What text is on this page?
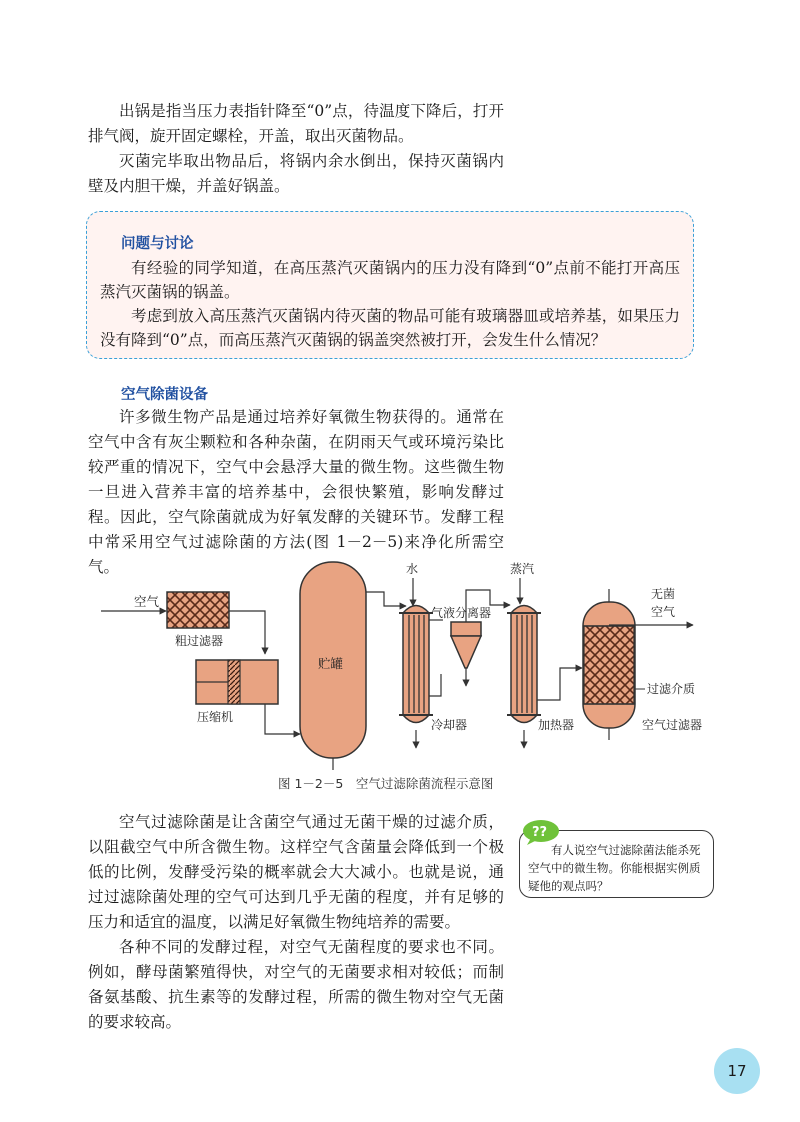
出锅是指当压力表指针降至“0”点，待温度下降后，打开排气阀，旋开固定螺栓，开盖，取出灭菌物品。

灭菌完毕取出物品后，将锅内余水倒出，保持灭菌锅内壁及内胆干燥，并盖好锅盖。

问题与讨论

有经验的同学知道，在高压蒸汽灭菌锅内的压力没有降到“0”点前不能打开高压蒸汽灭菌锅的锅盖。

考虑到放入高压蒸汽灭菌锅内待灭菌的物品可能有玻璃器皿或培养基，如果压力没有降到“0”点，而高压蒸汽灭菌锅的锅盖突然被打开，会发生什么情况？

空气除菌设备

许多微生物产品是通过培养好氧微生物获得的。通常在空气中含有灰尘颗粒和各种杂菌，在阴雨天气或环境污染比较严重的情况下，空气中会悬浮大量的微生物。这些微生物一旦进入营养丰富的培养基中，会很快繁殖，影响发酵过程。因此，空气除菌就成为好氧发酵的关键环节。发酵工程中常采用空气过滤除菌的方法(图 1－2－5)来净化所需空气。

空气
粗过滤器
压缩机
贮罐
水
冷却器
气液分离器
蒸汽
加热器
过滤介质
空气过滤器
无菌
空气
图 1－2－5　空气过滤除菌流程示意图

空气过滤除菌是让含菌空气通过无菌干燥的过滤介质，以阻截空气中所含微生物。这样空气含菌量会降低到一个极低的比例，发酵受污染的概率就会大大减小。也就是说，通过过滤除菌处理的空气可达到几乎无菌的程度，并有足够的压力和适宜的温度，以满足好氧微生物纯培养的需要。

各种不同的发酵过程，对空气无菌程度的要求也不同。例如，酵母菌繁殖得快，对空气的无菌要求相对较低；而制备氨基酸、抗生素等的发酵过程，所需的微生物对空气无菌的要求较高。

有人说空气过滤除菌法能杀死空气中的微生物。你能根据实例质疑他的观点吗？

??
17
